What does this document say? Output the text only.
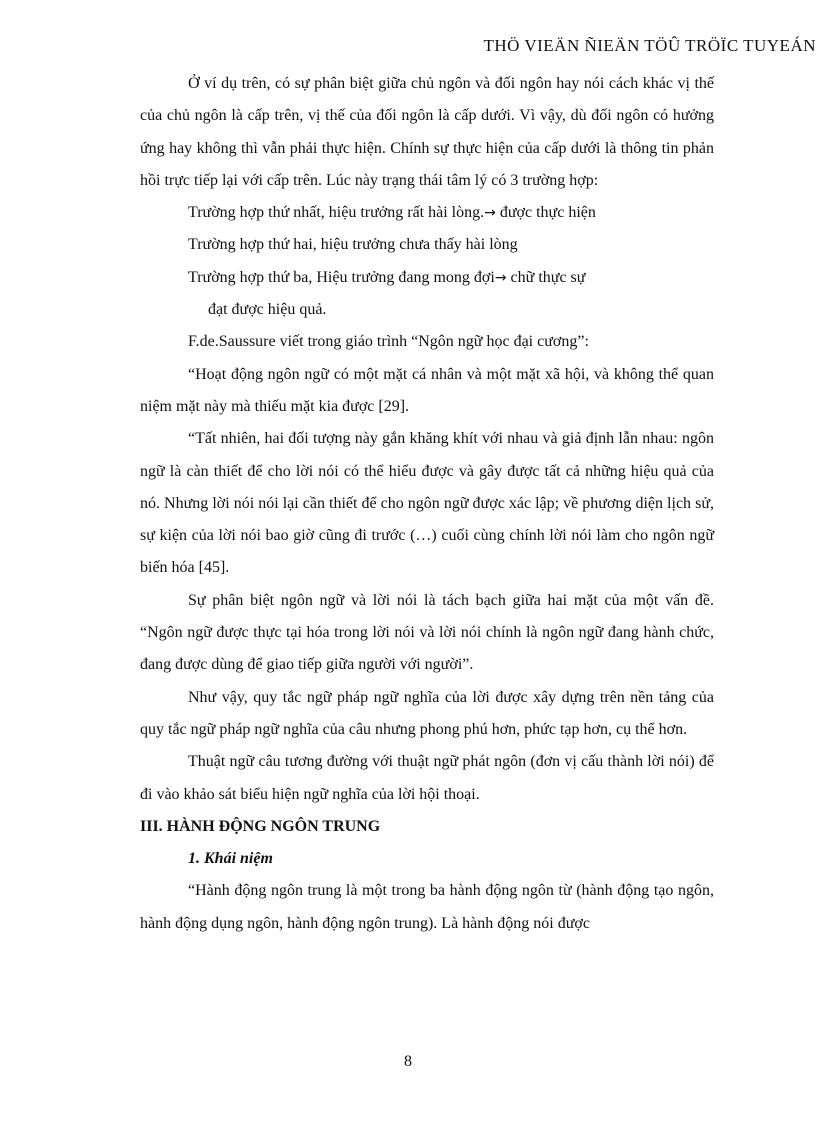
THÖ VIEÄN ÑIEÄN TÖÛ TRÖÏC TUYEÁN

Ở ví dụ trên, có sự phân biệt giữa chủ ngôn và đối ngôn hay nói cách khác vị thế của chủ ngôn là cấp trên, vị thế của đối ngôn là cấp dưới. Vì vậy, dù đối ngôn có hưởng ứng hay không thì vẫn phải thực hiện. Chính sự thực hiện của cấp dưới là thông tin phản hồi trực tiếp lại với cấp trên. Lúc này trạng thái tâm lý có 3 trường hợp:

Trường hợp thứ nhất, hiệu trưởng rất hài lòng.→ được thực hiện

Trường hợp thứ hai, hiệu trưởng chưa thấy hài lòng

Trường hợp thứ ba, Hiệu trưởng đang mong đợi→ chữ thực sự

đạt được hiệu quả.

F.de.Saussure viết trong giáo trình “Ngôn ngữ học đại cương”:

“Hoạt động ngôn ngữ có một mặt cá nhân và một mặt xã hội, và không thể quan niệm mặt này mà thiếu mặt kia được [29].

“Tất nhiên, hai đối tượng này gắn khăng khít với nhau và giả định lẫn nhau: ngôn ngữ là càn thiết để cho lời nói có thể hiểu được và gây được tất cả những hiệu quả của nó. Nhưng lời nói nói lại cần thiết để cho ngôn ngữ được xác lập; về phương diện lịch sử, sự kiện của lời nói bao giờ cũng đi trước (…) cuối cùng chính lời nói làm cho ngôn ngữ biến hóa [45].

Sự phân biệt ngôn ngữ và lời nói là tách bạch giữa hai mặt của một vấn đề. “Ngôn ngữ được thực tại hóa trong lời nói và lời nói chính là ngôn ngữ đang hành chức, đang được dùng để giao tiếp giữa người với người”.

Như vậy, quy tắc ngữ pháp ngữ nghĩa của lời được xây dựng trên nền tảng của quy tắc ngữ pháp ngữ nghĩa của câu nhưng phong phú hơn, phức tạp hơn, cụ thể hơn.

Thuật ngữ câu tương đường với thuật ngữ phát ngôn (đơn vị cấu thành lời nói) để đi vào khảo sát biểu hiện ngữ nghĩa của lời hội thoại.

III. HÀNH ĐỘNG NGÔN TRUNG
1. Khái niệm

“Hành động ngôn trung là một trong ba hành động ngôn từ (hành động tạo ngôn, hành động dụng ngôn, hành động ngôn trung). Là hành động nói được

8
